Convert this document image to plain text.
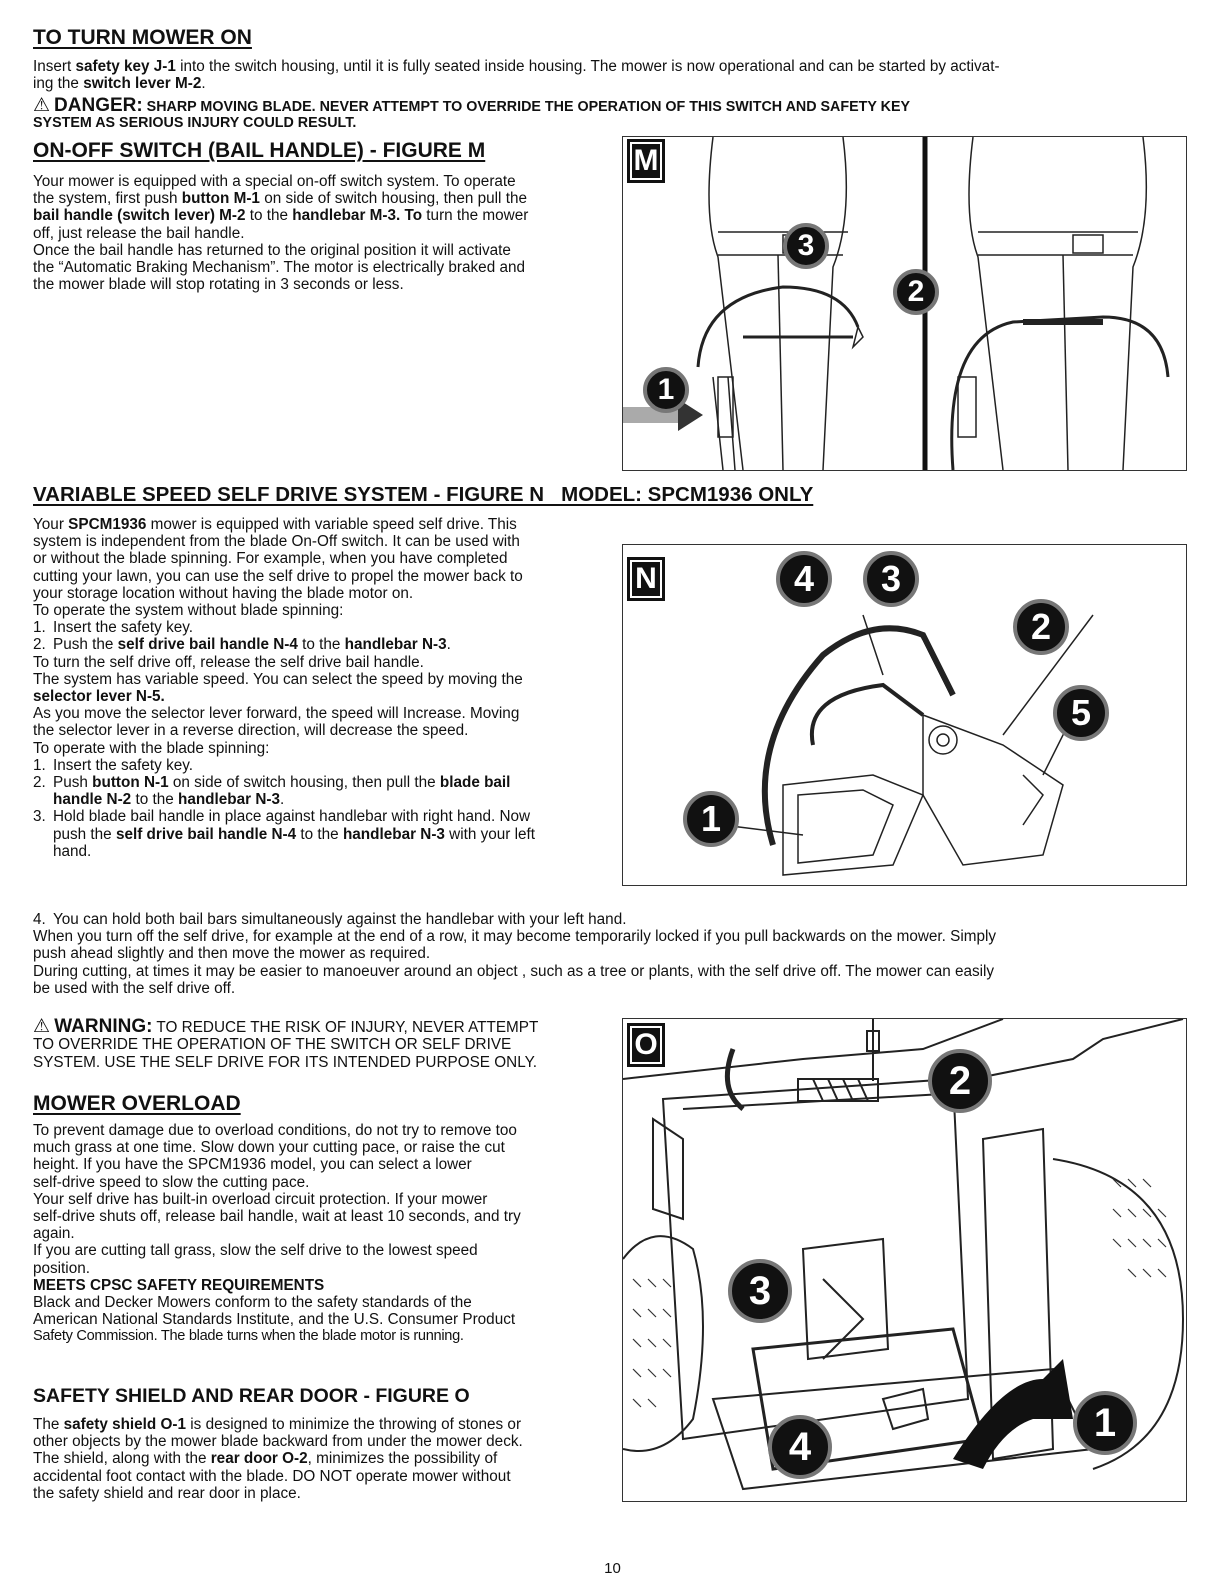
TO TURN MOWER ON
Insert safety key J-1 into the switch housing, until it is fully seated inside housing. The mower is now operational and can be started by activat-
ing the switch lever M-2.
⚠ DANGER: SHARP MOVING BLADE. NEVER ATTEMPT TO OVERRIDE THE OPERATION OF THIS SWITCH AND SAFETY KEY
SYSTEM AS SERIOUS INJURY COULD RESULT.
ON-OFF SWITCH (BAIL HANDLE) - FIGURE M
Your mower is equipped with a special on-off switch system. To operate
the system, first push button M-1 on side of switch housing, then pull the
bail handle (switch lever) M-2 to the handlebar M-3. To turn the mower
off, just release the bail handle.
Once the bail handle has returned to the original position it will activate
the “Automatic Braking Mechanism”. The motor is electrically braked and
the mower blade will stop rotating in 3 seconds or less.
M
3
2
1
VARIABLE SPEED SELF DRIVE SYSTEM - FIGURE N   MODEL: SPCM1936 ONLY
Your SPCM1936 mower is equipped with variable speed self drive. This
system is independent from the blade On-Off switch. It can be used with
or without the blade spinning. For example, when you have completed
cutting your lawn, you can use the self drive to propel the mower back to
your storage location without having the blade motor on.
To operate the system without blade spinning:
1. Insert the safety key.
2. Push the self drive bail handle N-4 to the handlebar N-3.
To turn the self drive off, release the self drive bail handle.
The system has variable speed. You can select the speed by moving the
selector lever N-5.
As you move the selector lever forward, the speed will Increase. Moving
the selector lever in a reverse direction, will decrease the speed.
To operate with the blade spinning:
1. Insert the safety key.
2. Push button N-1 on side of switch housing, then pull the blade bail
handle N-2 to the handlebar N-3.
3. Hold blade bail handle in place against handlebar with right hand. Now
push the self drive bail handle N-4 to the handlebar N-3 with your left
hand.
4. You can hold both bail bars simultaneously against the handlebar with your left hand.
When you turn off the self drive, for example at the end of a row, it may become temporarily locked if you pull backwards on the mower. Simply
push ahead slightly and then move the mower as required.
During cutting, at times it may be easier to manoeuver around an object , such as a tree or plants, with the self drive off. The mower can easily
be used with the self drive off.
N	4	3
2
5
1
⚠ WARNING: TO REDUCE THE RISK OF INJURY, NEVER ATTEMPT
TO OVERRIDE THE OPERATION OF THE SWITCH OR SELF DRIVE
SYSTEM. USE THE SELF DRIVE FOR ITS INTENDED PURPOSE ONLY.
MOWER OVERLOAD
To prevent damage due to overload conditions, do not try to remove too
much grass at one time. Slow down your cutting pace, or raise the cut
height. If you have the SPCM1936 model, you can select a lower
self-drive speed to slow the cutting pace.
Your self drive has built-in overload circuit protection. If your mower
self-drive shuts off, release bail handle, wait at least 10 seconds, and try
again.
If you are cutting tall grass, slow the self drive to the lowest speed
position.
MEETS CPSC SAFETY REQUIREMENTS
Black and Decker Mowers conform to the safety standards of the
American National Standards Institute, and the U.S. Consumer Product
Safety Commission. The blade turns when the blade motor is running.
SAFETY SHIELD AND REAR DOOR - FIGURE O
The safety shield O-1 is designed to minimize the throwing of stones or
other objects by the mower blade backward from under the mower deck.
The shield, along with the rear door O-2, minimizes the possibility of
accidental foot contact with the blade. DO NOT operate mower without
the safety shield and rear door in place.
O
2
3
4
1
10
